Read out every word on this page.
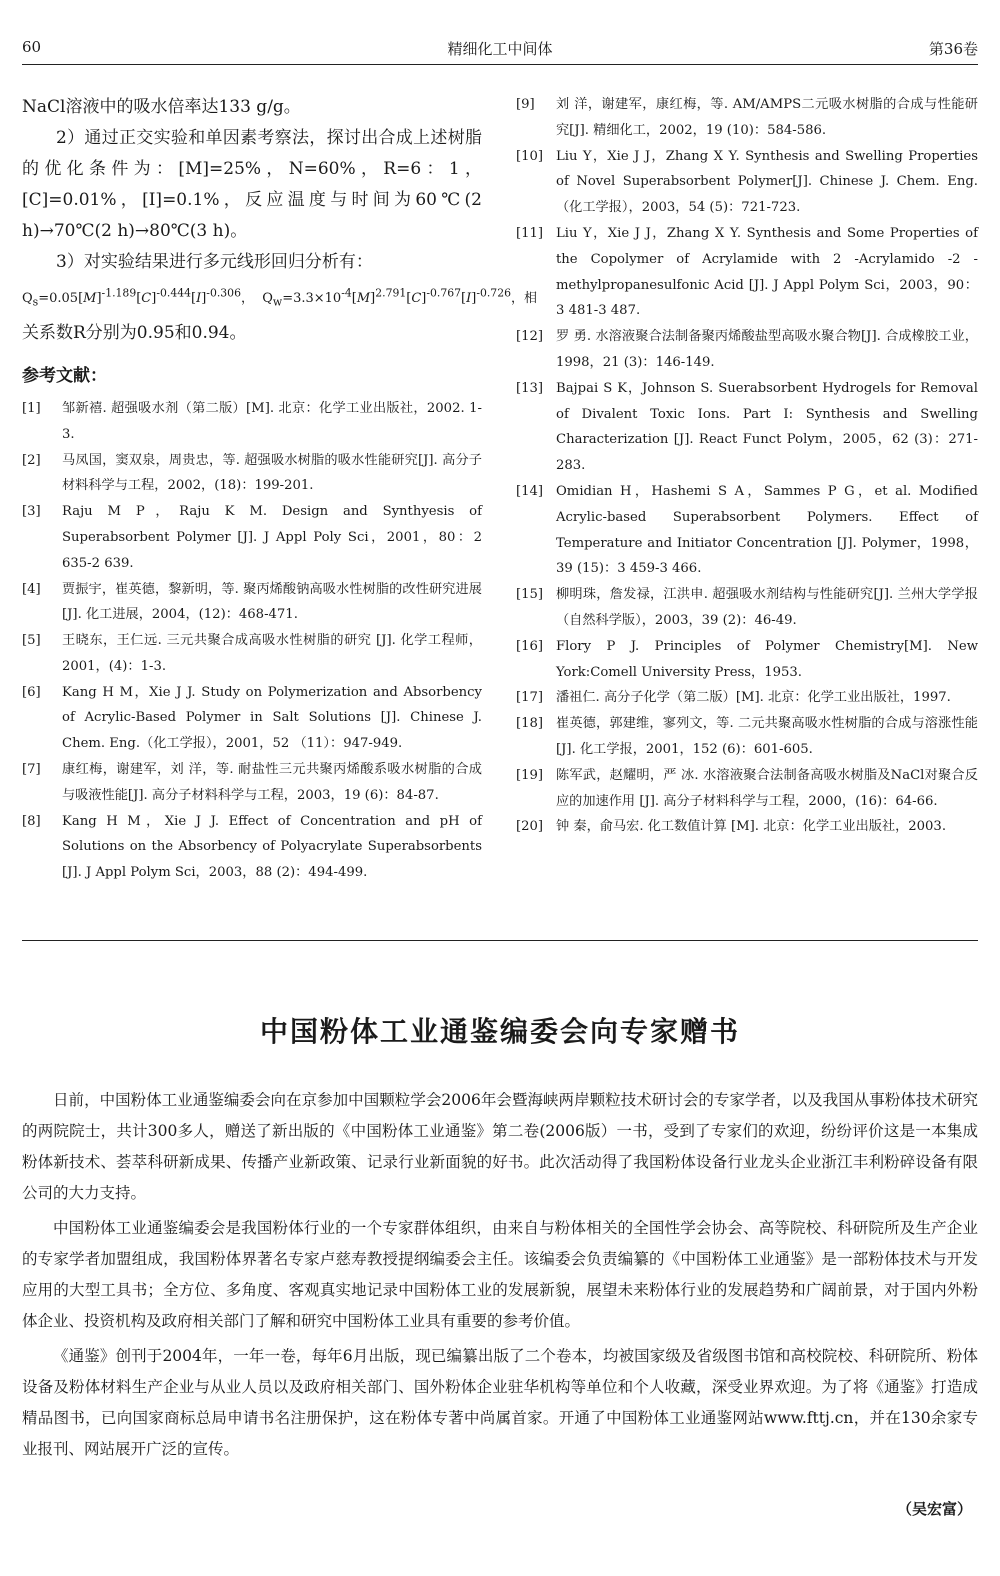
60	精细化工中间体	第36卷

NaCl溶液中的吸水倍率达133 g/g。

2）通过正交实验和单因素考察法，探讨出合成上述树脂的优化条件为：[M]=25%，N=60%，R=6：1，[C]=0.01%，[I]=0.1%，反应温度与时间为60℃(2 h)→70℃(2 h)→80℃(3 h)。

3）对实验结果进行多元线形回归分析有：

$Q_s=0.05[M]^{-1.189}[C]^{-0.444}[I]^{-0.306}$，  $Q_w=3.3\times 10^{-4}[M]^{2.791}[C]^{-0.767}[I]^{-0.726}$，相

关系数R分别为0.95和0.94。

参考文献：
[1]	邹新禧. 超强吸水剂（第二版）[M]. 北京：化学工业出版社，2002. 1-3.
[2]	马凤国，窦双泉，周贵忠，等. 超强吸水树脂的吸水性能研究[J]. 高分子材料科学与工程，2002，(18)：199-201.
[3]	Raju M P，Raju K M. Design and Synthyesis of Superabsorbent Polymer [J]. J Appl Poly Sci，2001，80：2 635-2 639.
[4]	贾振宇，崔英德，黎新明，等. 聚丙烯酸钠高吸水性树脂的改性研究进展[J]. 化工进展，2004，(12)：468-471.
[5]	王晓东，王仁远. 三元共聚合成高吸水性树脂的研究 [J]. 化学工程师，2001，(4)：1-3.
[6]	Kang H M，Xie J J. Study on Polymerization and Absorbency of Acrylic-Based Polymer in Salt Solutions [J]. Chinese J. Chem. Eng.（化工学报），2001，52 （11）：947-949.
[7]	康红梅，谢建军，刘 洋，等. 耐盐性三元共聚丙烯酸系吸水树脂的合成与吸液性能[J]. 高分子材料科学与工程，2003，19 (6)：84-87.
[8]	Kang H M，Xie J J. Effect of Concentration and pH of Solutions on the Absorbency of Polyacrylate Superabsorbents [J]. J Appl Polym Sci，2003，88 (2)：494-499.
[9]	刘 洋，谢建军，康红梅，等. AM/AMPS二元吸水树脂的合成与性能研究[J]. 精细化工，2002，19 (10)：584-586.
[10] Liu Y，Xie J J，Zhang X Y. Synthesis and Swelling Properties of Novel Superabsorbent Polymer[J]. Chinese J. Chem. Eng.（化工学报），2003，54 (5)：721-723.
[11] Liu Y，Xie J J，Zhang X Y. Synthesis and Some Properties of the Copolymer of Acrylamide with 2 -Acrylamido -2 -methylpropanesulfonic Acid [J]. J Appl Polym Sci，2003，90：3 481-3 487.
[12] 罗 勇. 水溶液聚合法制备聚丙烯酸盐型高吸水聚合物[J]. 合成橡胶工业，1998，21 (3)：146-149.
[13] Bajpai S K，Johnson S. Suerabsorbent Hydrogels for Removal of Divalent Toxic Ions. Part I: Synthesis and Swelling Characterization [J]. React Funct Polym，2005，62 (3)：271-283.
[14] Omidian H，Hashemi S A，Sammes P G，et al. Modified Acrylic-based Superabsorbent Polymers. Effect of Temperature and Initiator Concentration [J]. Polymer，1998，39 (15)：3 459-3 466.
[15] 柳明珠，詹发禄，江洪申. 超强吸水剂结构与性能研究[J]. 兰州大学学报（自然科学版），2003，39 (2)：46-49.
[16] Flory P J. Principles of Polymer Chemistry[M]. New York:Comell University Press，1953.
[17] 潘祖仁. 高分子化学（第二版）[M]. 北京：化学工业出版社，1997.
[18] 崔英德，郭建维，寥列文，等. 二元共聚高吸水性树脂的合成与溶涨性能[J]. 化工学报，2001，152 (6)：601-605.
[19] 陈军武，赵耀明，严 冰. 水溶液聚合法制备高吸水树脂及NaCl对聚合反应的加速作用 [J]. 高分子材料科学与工程，2000，(16)：64-66.
[20] 钟 秦，俞马宏. 化工数值计算 [M]. 北京：化学工业出版社，2003.
中国粉体工业通鉴编委会向专家赠书

日前，中国粉体工业通鉴编委会向在京参加中国颗粒学会2006年会暨海峡两岸颗粒技术研讨会的专家学者，以及我国从事粉体技术研究的两院院士，共计300多人，赠送了新出版的《中国粉体工业通鉴》第二卷(2006版）一书，受到了专家们的欢迎，纷纷评价这是一本集成粉体新技术、荟萃科研新成果、传播产业新政策、记录行业新面貌的好书。此次活动得了我国粉体设备行业龙头企业浙江丰利粉碎设备有限公司的大力支持。

中国粉体工业通鉴编委会是我国粉体行业的一个专家群体组织，由来自与粉体相关的全国性学会协会、高等院校、科研院所及生产企业的专家学者加盟组成，我国粉体界著名专家卢慈寿教授提纲编委会主任。该编委会负责编纂的《中国粉体工业通鉴》是一部粉体技术与开发应用的大型工具书；全方位、多角度、客观真实地记录中国粉体工业的发展新貌，展望未来粉体行业的发展趋势和广阔前景，对于国内外粉体企业、投资机构及政府相关部门了解和研究中国粉体工业具有重要的参考价值。

《通鉴》创刊于2004年，一年一卷，每年6月出版，现已编纂出版了二个卷本，均被国家级及省级图书馆和高校院校、科研院所、粉体设备及粉体材料生产企业与从业人员以及政府相关部门、国外粉体企业驻华机构等单位和个人收藏，深受业界欢迎。为了将《通鉴》打造成精品图书，已向国家商标总局申请书名注册保护，这在粉体专著中尚属首家。开通了中国粉体工业通鉴网站www.fttj.cn，并在130余家专业报刊、网站展开广泛的宣传。

（吴宏富）
